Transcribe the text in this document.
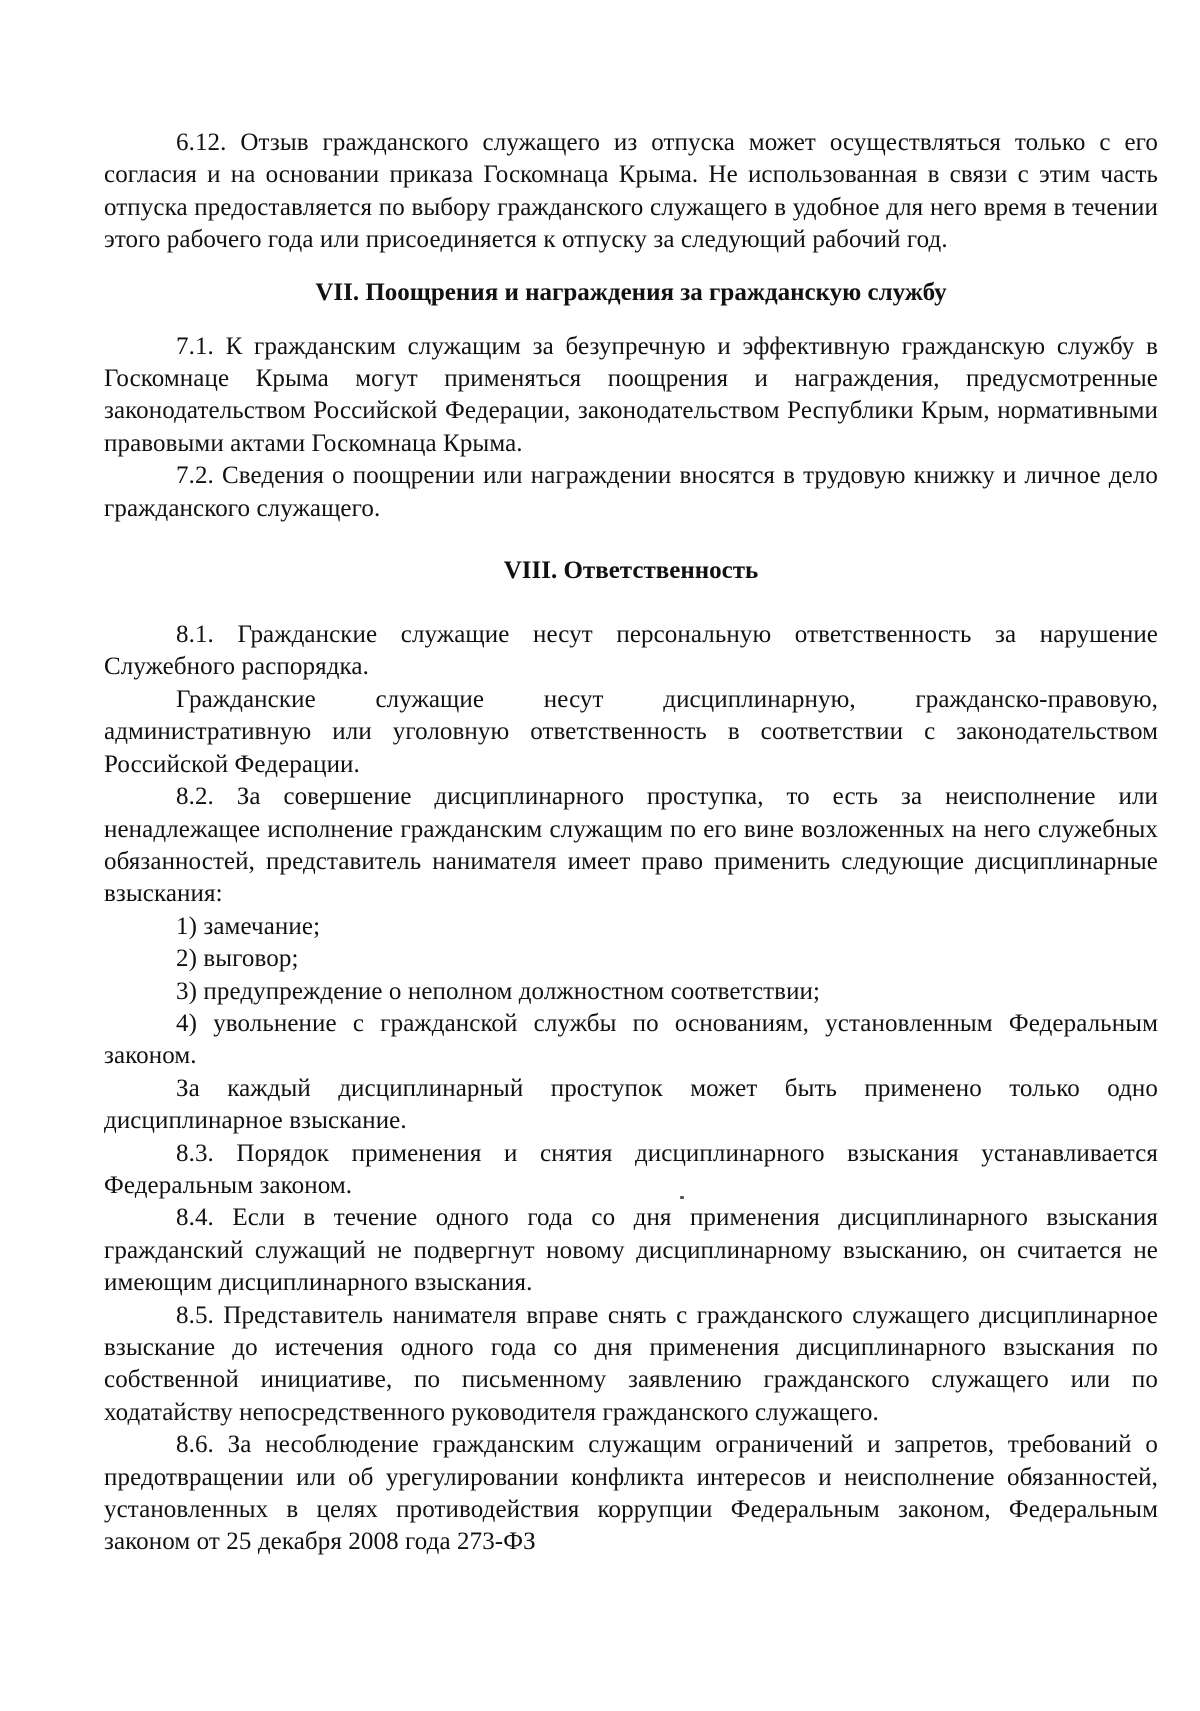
6.12. Отзыв гражданского служащего из отпуска может осуществляться только с его согласия и на основании приказа Госкомнаца Крыма. Не использованная в связи с этим часть отпуска предоставляется по выбору гражданского служащего в удобное для него время в течении этого рабочего года или присоединяется к отпуску за следующий рабочий год.

VII. Поощрения и награждения за гражданскую службу

7.1. К гражданским служащим за безупречную и эффективную гражданскую службу в Госкомнаце Крыма могут применяться поощрения и награждения, предусмотренные законодательством Российской Федерации, законодательством Республики Крым, нормативными правовыми актами Госкомнаца Крыма.

7.2. Сведения о поощрении или награждении вносятся в трудовую книжку и личное дело гражданского служащего.

VIII. Ответственность

8.1. Гражданские служащие несут персональную ответственность за нарушение Служебного распорядка.

Гражданские служащие несут дисциплинарную, гражданско-правовую, административную или уголовную ответственность в соответствии с законодательством Российской Федерации.

8.2. За совершение дисциплинарного проступка, то есть за неисполнение или ненадлежащее исполнение гражданским служащим по его вине возложенных на него служебных обязанностей, представитель нанимателя имеет право применить следующие дисциплинарные взыскания:

1) замечание;

2) выговор;

3) предупреждение о неполном должностном соответствии;

4) увольнение с гражданской службы по основаниям, установленным Федеральным законом.

За каждый дисциплинарный проступок может быть применено только одно дисциплинарное взыскание.

8.3. Порядок применения и снятия дисциплинарного взыскания устанавливается Федеральным законом.

8.4. Если в течение одного года со дня применения дисциплинарного взыскания гражданский служащий не подвергнут новому дисциплинарному взысканию, он считается не имеющим дисциплинарного взыскания.

8.5. Представитель нанимателя вправе снять с гражданского служащего дисциплинарное взыскание до истечения одного года со дня применения дисциплинарного взыскания по собственной инициативе, по письменному заявлению гражданского служащего или по ходатайству непосредственного руководителя гражданского служащего.

8.6. За несоблюдение гражданским служащим ограничений и запретов, требований о предотвращении или об урегулировании конфликта интересов и неисполнение обязанностей, установленных в целях противодействия коррупции Федеральным законом, Федеральным законом от 25 декабря 2008 года 273-ФЗ
